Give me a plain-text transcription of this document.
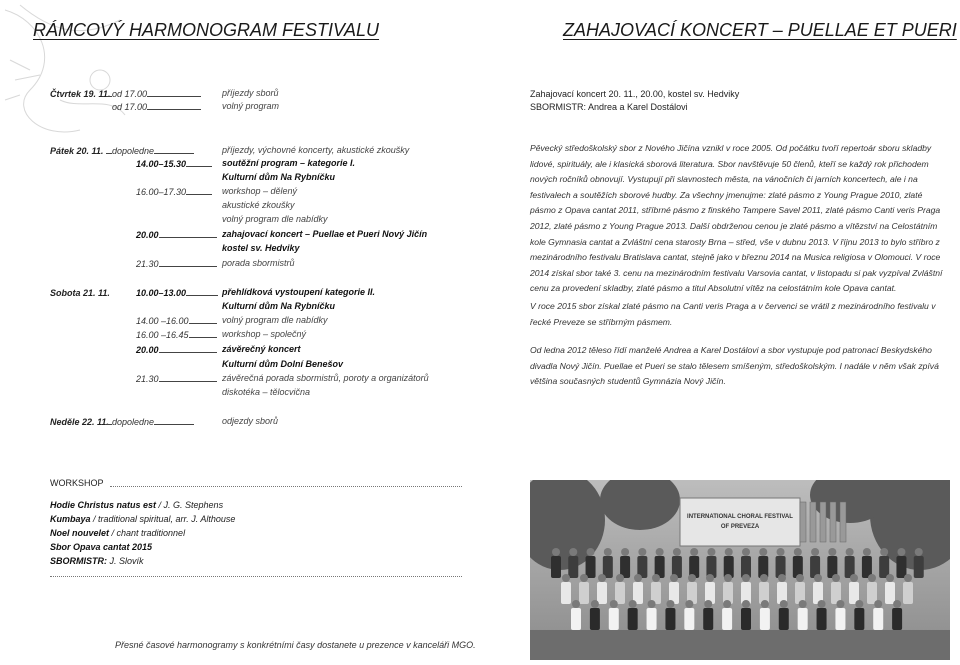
RÁMCOVÝ HARMONOGRAM FESTIVALU	ZAHAJOVACÍ KONCERT – PUELLAE ET PUERI
Čtvrtek 19. 11. od 17.00	příjezdy sborů
od 17.00	volný program
Pátek 20. 11. dopoledne	příjezdy, výchovné koncerty, akustické zkoušky
14.00–15.30	soutěžní program – kategorie I.
Kulturní dům Na Rybníčku
16.00–17.30	workshop – dělený
akustické zkoušky
volný program dle nabídky
20.00	zahajovací koncert – Puellae et Pueri Nový Jičín
kostel sv. Hedviky
21.30	porada sbormistrů
Sobota 21. 11.	10.00–13.00	přehlídková vystoupení kategorie II.
Kulturní dům Na Rybníčku
14.00 –16.00	volný program dle nabídky
16.00 –16.45	workshop – společný
20.00	závěrečný koncert
Kulturní dům Dolní Benešov
21.30	závěrečná porada sbormistrů, poroty a organizátorů
diskotéka – tělocvična
Neděle 22. 11. dopoledne	odjezdy sborů
WORKSHOP
Hodie Christus natus est / J. G. Stephens
Kumbaya / traditional spiritual, arr. J. Althouse
Noel nouvelet / chant traditionnel
Sbor Opava cantat 2015
SBORMISTR: J. Slovík
Přesné časové harmonogramy s konkrétními časy dostanete u prezence v kanceláři MGO.
Zahajovací koncert 20. 11., 20.00, kostel sv. Hedviky
SBORMISTR: Andrea a Karel Dostálovi

Pěvecký středoškolský sbor z Nového Jičína vznikl v roce 2005. Od počátku tvoří repertoár sboru skladby lidové, spirituály, ale i klasická sborová literatura. Sbor navštěvuje 50 členů, kteří se každý rok přichodem nových ročníků obnovují. Vystupují při slavnostech města, na vánočních či jarních koncertech, ale i na festivalech a soutěžích sborové hudby. Za všechny jmenujme: zlaté pásmo z Young Prague 2010, zlaté pásmo z Opava cantat 2011, stříbrné pásmo z finského Tampere Savel 2011, zlaté pásmo Canti veris Praga 2012, zlaté pásmo z Young Prague 2013. Další obdrženou cenou je zlaté pásmo a vítězství na Celostátním kole Gymnasia cantat a Zvláštní cena starosty Brna – střed, vše v dubnu 2013. V říjnu 2013 to bylo stříbro z mezinárodního festivalu Bratislava cantat, stejně jako v březnu 2014 na Musica religiosa v Olomouci. V roce 2014 získal sbor také 3. cenu na mezinárodním festivalu Varsovia cantat, v listopadu si pak vyzpíval Zvláštní cenu za provedení skladby, zlaté pásmo a titul Absolutní vítěz na celostátním kole Opava cantat.

V roce 2015 sbor získal zlaté pásmo na Canti veris Praga a v červenci se vrátil z mezinárodního festivalu v řecké Preveze se stříbrným pásmem.

Od ledna 2012 těleso řídí manželé Andrea a Karel Dostálovi a sbor vystupuje pod patronací Beskydského divadla Nový Jičín. Puellae et Pueri se stalo tělesem smíšeným, středoškolským. I nadále v něm však zpívá většina současných studentů Gymnázia Nový Jičín.

INTERNATIONAL CHORAL FESTIVAL
OF PREVEZA
